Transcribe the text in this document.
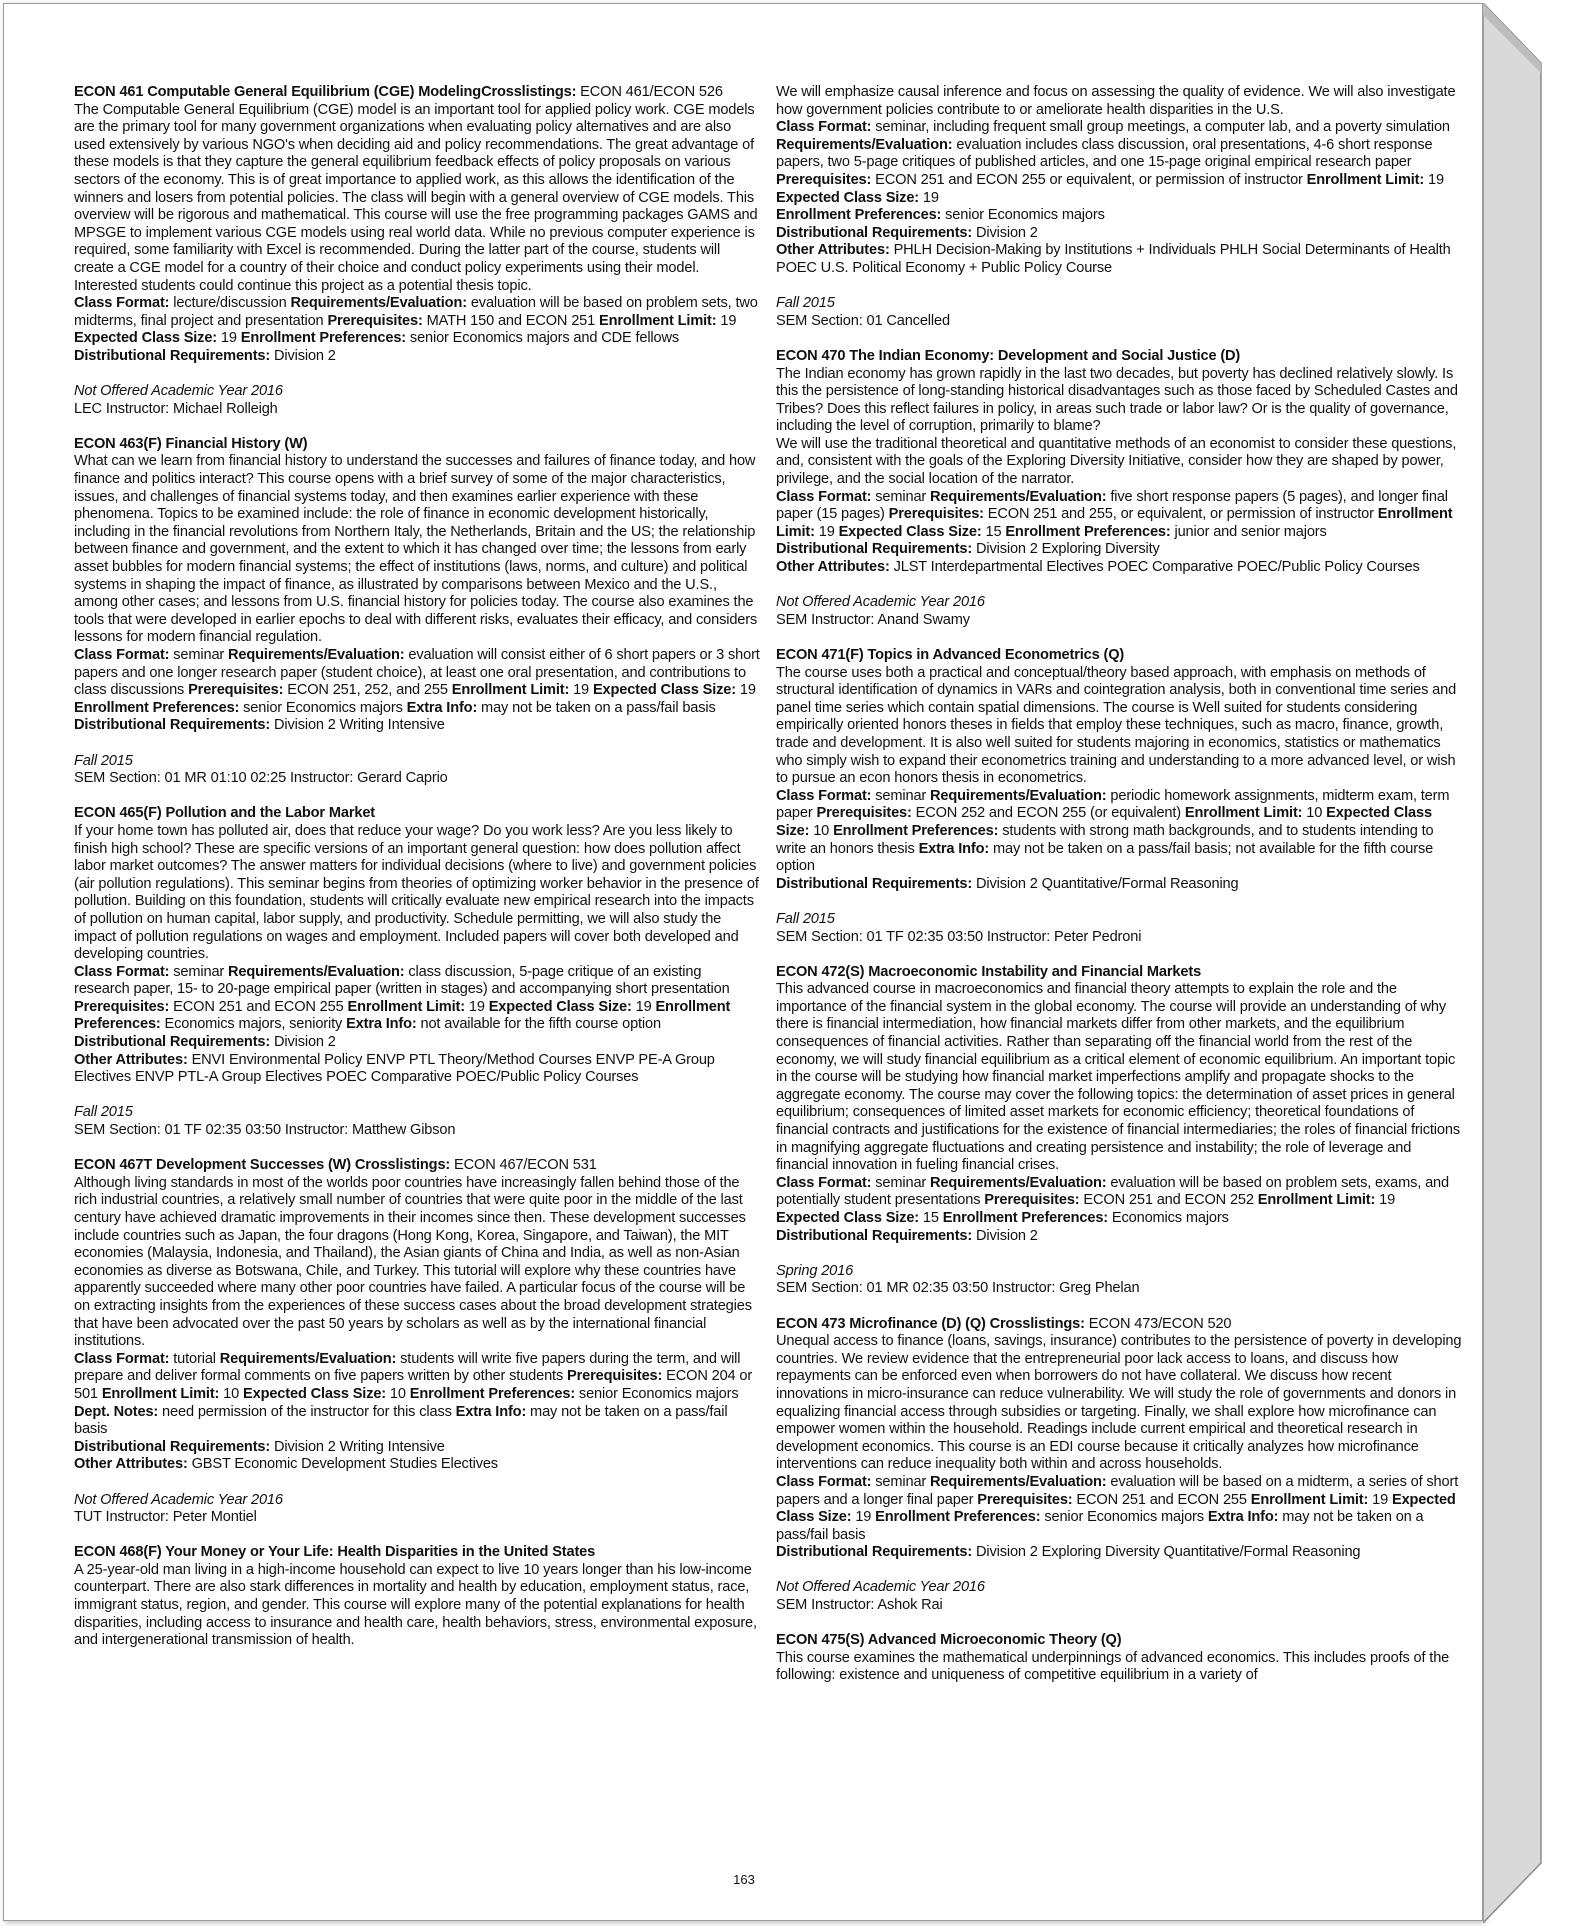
ECON 461 Computable General Equilibrium (CGE) ModelingCrosslistings: ECON 461/ECON 526

The Computable General Equilibrium (CGE) model is an important tool for applied policy work. CGE models are the primary tool for many government organizations when evaluating policy alternatives and are also used extensively by various NGO's when deciding aid and policy recommendations. The great advantage of these models is that they capture the general equilibrium feedback effects of policy proposals on various sectors of the economy. This is of great importance to applied work, as this allows the identification of the winners and losers from potential policies. The class will begin with a general overview of CGE models. This overview will be rigorous and mathematical. This course will use the free programming packages GAMS and MPSGE to implement various CGE models using real world data. While no previous computer experience is required, some familiarity with Excel is recommended. During the latter part of the course, students will create a CGE model for a country of their choice and conduct policy experiments using their model. Interested students could continue this project as a potential thesis topic.

Class Format: lecture/discussion Requirements/Evaluation: evaluation will be based on problem sets, two midterms, final project and presentation Prerequisites: MATH 150 and ECON 251 Enrollment Limit: 19 Expected Class Size: 19 Enrollment Preferences: senior Economics majors and CDE fellows

Distributional Requirements: Division 2

Not Offered Academic Year 2016

LEC Instructor: Michael Rolleigh

ECON 463(F) Financial History (W)

What can we learn from financial history to understand the successes and failures of finance today, and how finance and politics interact? This course opens with a brief survey of some of the major characteristics, issues, and challenges of financial systems today, and then examines earlier experience with these phenomena. Topics to be examined include: the role of finance in economic development historically, including in the financial revolutions from Northern Italy, the Netherlands, Britain and the US; the relationship between finance and government, and the extent to which it has changed over time; the lessons from early asset bubbles for modern financial systems; the effect of institutions (laws, norms, and culture) and political systems in shaping the impact of finance, as illustrated by comparisons between Mexico and the U.S., among other cases; and lessons from U.S. financial history for policies today. The course also examines the tools that were developed in earlier epochs to deal with different risks, evaluates their efficacy, and considers lessons for modern financial regulation.

Class Format: seminar Requirements/Evaluation: evaluation will consist either of 6 short papers or 3 short papers and one longer research paper (student choice), at least one oral presentation, and contributions to class discussions Prerequisites: ECON 251, 252, and 255 Enrollment Limit: 19 Expected Class Size: 19 Enrollment Preferences: senior Economics majors Extra Info: may not be taken on a pass/fail basis

Distributional Requirements: Division 2 Writing Intensive

Fall 2015

SEM Section: 01 MR 01:10 02:25 Instructor: Gerard Caprio

ECON 465(F) Pollution and the Labor Market

If your home town has polluted air, does that reduce your wage? Do you work less? Are you less likely to finish high school? These are specific versions of an important general question: how does pollution affect labor market outcomes? The answer matters for individual decisions (where to live) and government policies (air pollution regulations). This seminar begins from theories of optimizing worker behavior in the presence of pollution. Building on this foundation, students will critically evaluate new empirical research into the impacts of pollution on human capital, labor supply, and productivity. Schedule permitting, we will also study the impact of pollution regulations on wages and employment. Included papers will cover both developed and developing countries.

Class Format: seminar Requirements/Evaluation: class discussion, 5-page critique of an existing research paper, 15- to 20-page empirical paper (written in stages) and accompanying short presentation Prerequisites: ECON 251 and ECON 255 Enrollment Limit: 19 Expected Class Size: 19 Enrollment Preferences: Economics majors, seniority Extra Info: not available for the fifth course option

Distributional Requirements: Division 2

Other Attributes: ENVI Environmental Policy ENVP PTL Theory/Method Courses ENVP PE-A Group Electives ENVP PTL-A Group Electives POEC Comparative POEC/Public Policy Courses

Fall 2015

SEM Section: 01 TF 02:35 03:50 Instructor: Matthew Gibson

ECON 467T Development Successes (W) Crosslistings: ECON 467/ECON 531

Although living standards in most of the worlds poor countries have increasingly fallen behind those of the rich industrial countries, a relatively small number of countries that were quite poor in the middle of the last century have achieved dramatic improvements in their incomes since then. These development successes include countries such as Japan, the four dragons (Hong Kong, Korea, Singapore, and Taiwan), the MIT economies (Malaysia, Indonesia, and Thailand), the Asian giants of China and India, as well as non-Asian economies as diverse as Botswana, Chile, and Turkey. This tutorial will explore why these countries have apparently succeeded where many other poor countries have failed. A particular focus of the course will be on extracting insights from the experiences of these success cases about the broad development strategies that have been advocated over the past 50 years by scholars as well as by the international financial institutions.

Class Format: tutorial Requirements/Evaluation: students will write five papers during the term, and will prepare and deliver formal comments on five papers written by other students Prerequisites: ECON 204 or 501 Enrollment Limit: 10 Expected Class Size: 10 Enrollment Preferences: senior Economics majors Dept. Notes: need permission of the instructor for this class Extra Info: may not be taken on a pass/fail basis

Distributional Requirements: Division 2 Writing Intensive

Other Attributes: GBST Economic Development Studies Electives

Not Offered Academic Year 2016

TUT Instructor: Peter Montiel

ECON 468(F) Your Money or Your Life: Health Disparities in the United States

A 25-year-old man living in a high-income household can expect to live 10 years longer than his low-income counterpart. There are also stark differences in mortality and health by education, employment status, race, immigrant status, region, and gender. This course will explore many of the potential explanations for health disparities, including access to insurance and health care, health behaviors, stress, environmental exposure, and intergenerational transmission of health.

We will emphasize causal inference and focus on assessing the quality of evidence. We will also investigate how government policies contribute to or ameliorate health disparities in the U.S.

Class Format: seminar, including frequent small group meetings, a computer lab, and a poverty simulation Requirements/Evaluation: evaluation includes class discussion, oral presentations, 4-6 short response papers, two 5-page critiques of published articles, and one 15-page original empirical research paper Prerequisites: ECON 251 and ECON 255 or equivalent, or permission of instructor Enrollment Limit: 19 Expected Class Size: 19

Enrollment Preferences: senior Economics majors

Distributional Requirements: Division 2

Other Attributes: PHLH Decision-Making by Institutions + Individuals PHLH Social Determinants of Health POEC U.S. Political Economy + Public Policy Course

Fall 2015

SEM Section: 01 Cancelled

ECON 470 The Indian Economy: Development and Social Justice (D)

The Indian economy has grown rapidly in the last two decades, but poverty has declined relatively slowly. Is this the persistence of long-standing historical disadvantages such as those faced by Scheduled Castes and Tribes? Does this reflect failures in policy, in areas such trade or labor law? Or is the quality of governance, including the level of corruption, primarily to blame?

We will use the traditional theoretical and quantitative methods of an economist to consider these questions, and, consistent with the goals of the Exploring Diversity Initiative, consider how they are shaped by power, privilege, and the social location of the narrator.

Class Format: seminar Requirements/Evaluation: five short response papers (5 pages), and longer final paper (15 pages) Prerequisites: ECON 251 and 255, or equivalent, or permission of instructor Enrollment Limit: 19 Expected Class Size: 15 Enrollment Preferences: junior and senior majors

Distributional Requirements: Division 2 Exploring Diversity

Other Attributes: JLST Interdepartmental Electives POEC Comparative POEC/Public Policy Courses

Not Offered Academic Year 2016

SEM Instructor: Anand Swamy

ECON 471(F) Topics in Advanced Econometrics (Q)

The course uses both a practical and conceptual/theory based approach, with emphasis on methods of structural identification of dynamics in VARs and cointegration analysis, both in conventional time series and panel time series which contain spatial dimensions. The course is Well suited for students considering empirically oriented honors theses in fields that employ these techniques, such as macro, finance, growth, trade and development. It is also well suited for students majoring in economics, statistics or mathematics who simply wish to expand their econometrics training and understanding to a more advanced level, or wish to pursue an econ honors thesis in econometrics.

Class Format: seminar Requirements/Evaluation: periodic homework assignments, midterm exam, term paper Prerequisites: ECON 252 and ECON 255 (or equivalent) Enrollment Limit: 10 Expected Class Size: 10 Enrollment Preferences: students with strong math backgrounds, and to students intending to write an honors thesis Extra Info: may not be taken on a pass/fail basis; not available for the fifth course option

Distributional Requirements: Division 2 Quantitative/Formal Reasoning

Fall 2015

SEM Section: 01 TF 02:35 03:50 Instructor: Peter Pedroni

ECON 472(S) Macroeconomic Instability and Financial Markets

This advanced course in macroeconomics and financial theory attempts to explain the role and the importance of the financial system in the global economy. The course will provide an understanding of why there is financial intermediation, how financial markets differ from other markets, and the equilibrium consequences of financial activities. Rather than separating off the financial world from the rest of the economy, we will study financial equilibrium as a critical element of economic equilibrium. An important topic in the course will be studying how financial market imperfections amplify and propagate shocks to the aggregate economy. The course may cover the following topics: the determination of asset prices in general equilibrium; consequences of limited asset markets for economic efficiency; theoretical foundations of financial contracts and justifications for the existence of financial intermediaries; the roles of financial frictions in magnifying aggregate fluctuations and creating persistence and instability; the role of leverage and financial innovation in fueling financial crises.

Class Format: seminar Requirements/Evaluation: evaluation will be based on problem sets, exams, and potentially student presentations Prerequisites: ECON 251 and ECON 252 Enrollment Limit: 19 Expected Class Size: 15 Enrollment Preferences: Economics majors

Distributional Requirements: Division 2

Spring 2016

SEM Section: 01 MR 02:35 03:50 Instructor: Greg Phelan

ECON 473 Microfinance (D) (Q) Crosslistings: ECON 473/ECON 520

Unequal access to finance (loans, savings, insurance) contributes to the persistence of poverty in developing countries. We review evidence that the entrepreneurial poor lack access to loans, and discuss how repayments can be enforced even when borrowers do not have collateral. We discuss how recent innovations in micro-insurance can reduce vulnerability. We will study the role of governments and donors in equalizing financial access through subsidies or targeting. Finally, we shall explore how microfinance can empower women within the household. Readings include current empirical and theoretical research in development economics. This course is an EDI course because it critically analyzes how microfinance interventions can reduce inequality both within and across households.

Class Format: seminar Requirements/Evaluation: evaluation will be based on a midterm, a series of short papers and a longer final paper Prerequisites: ECON 251 and ECON 255 Enrollment Limit: 19 Expected Class Size: 19 Enrollment Preferences: senior Economics majors Extra Info: may not be taken on a pass/fail basis

Distributional Requirements: Division 2 Exploring Diversity Quantitative/Formal Reasoning

Not Offered Academic Year 2016

SEM Instructor: Ashok Rai

ECON 475(S) Advanced Microeconomic Theory (Q)

This course examines the mathematical underpinnings of advanced economics. This includes proofs of the following: existence and uniqueness of competitive equilibrium in a variety of

163
